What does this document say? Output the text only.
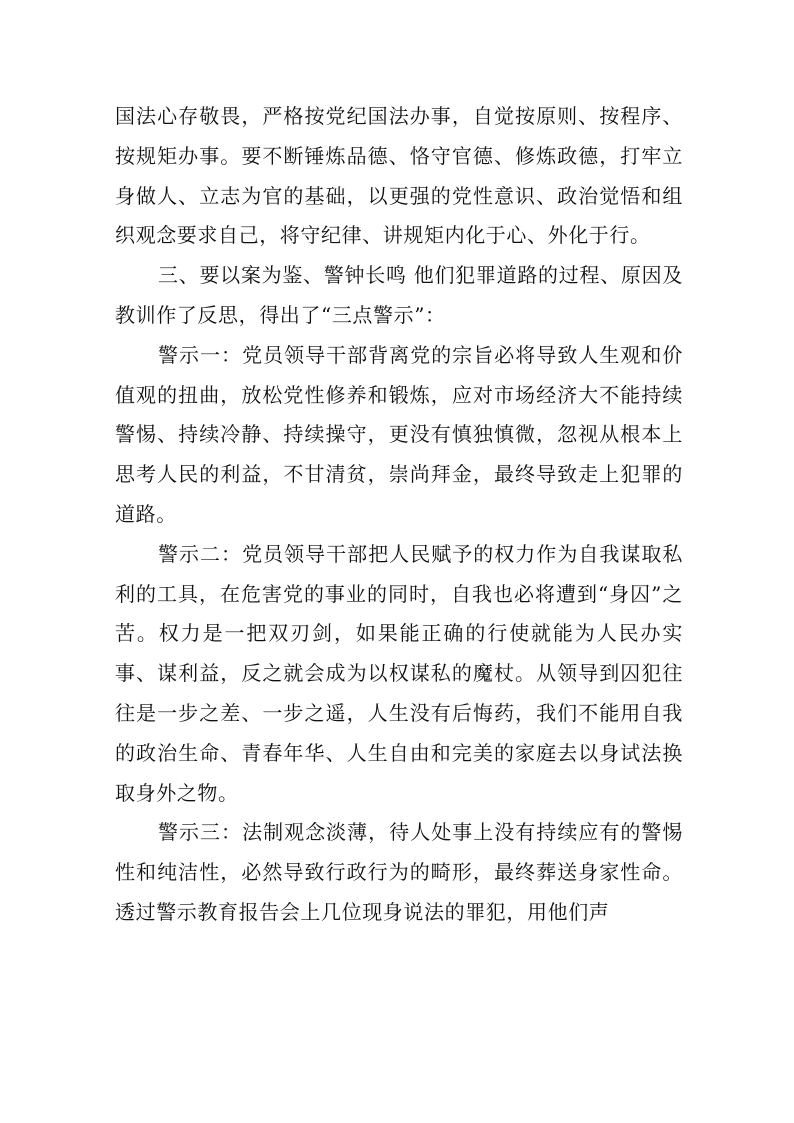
国法心存敬畏，严格按党纪国法办事，自觉按原则、按程序、按规矩办事。要不断锤炼品德、恪守官德、修炼政德，打牢立身做人、立志为官的基础，以更强的党性意识、政治觉悟和组织观念要求自己，将守纪律、讲规矩内化于心、外化于行。

三、要以案为鉴、警钟长鸣 他们犯罪道路的过程、原因及教训作了反思，得出了“三点警示”：

警示一：党员领导干部背离党的宗旨必将导致人生观和价值观的扭曲，放松党性修养和锻炼，应对市场经济大不能持续警惕、持续冷静、持续操守，更没有慎独慎微，忽视从根本上思考人民的利益，不甘清贫，崇尚拜金，最终导致走上犯罪的道路。

警示二：党员领导干部把人民赋予的权力作为自我谋取私利的工具，在危害党的事业的同时，自我也必将遭到“身囚”之苦。权力是一把双刃剑，如果能正确的行使就能为人民办实事、谋利益，反之就会成为以权谋私的魔杖。从领导到囚犯往往是一步之差、一步之遥，人生没有后悔药，我们不能用自我的政治生命、青春年华、人生自由和完美的家庭去以身试法换取身外之物。

警示三：法制观念淡薄，待人处事上没有持续应有的警惕性和纯洁性，必然导致行政行为的畸形，最终葬送身家性命。透过警示教育报告会上几位现身说法的罪犯，用他们声
